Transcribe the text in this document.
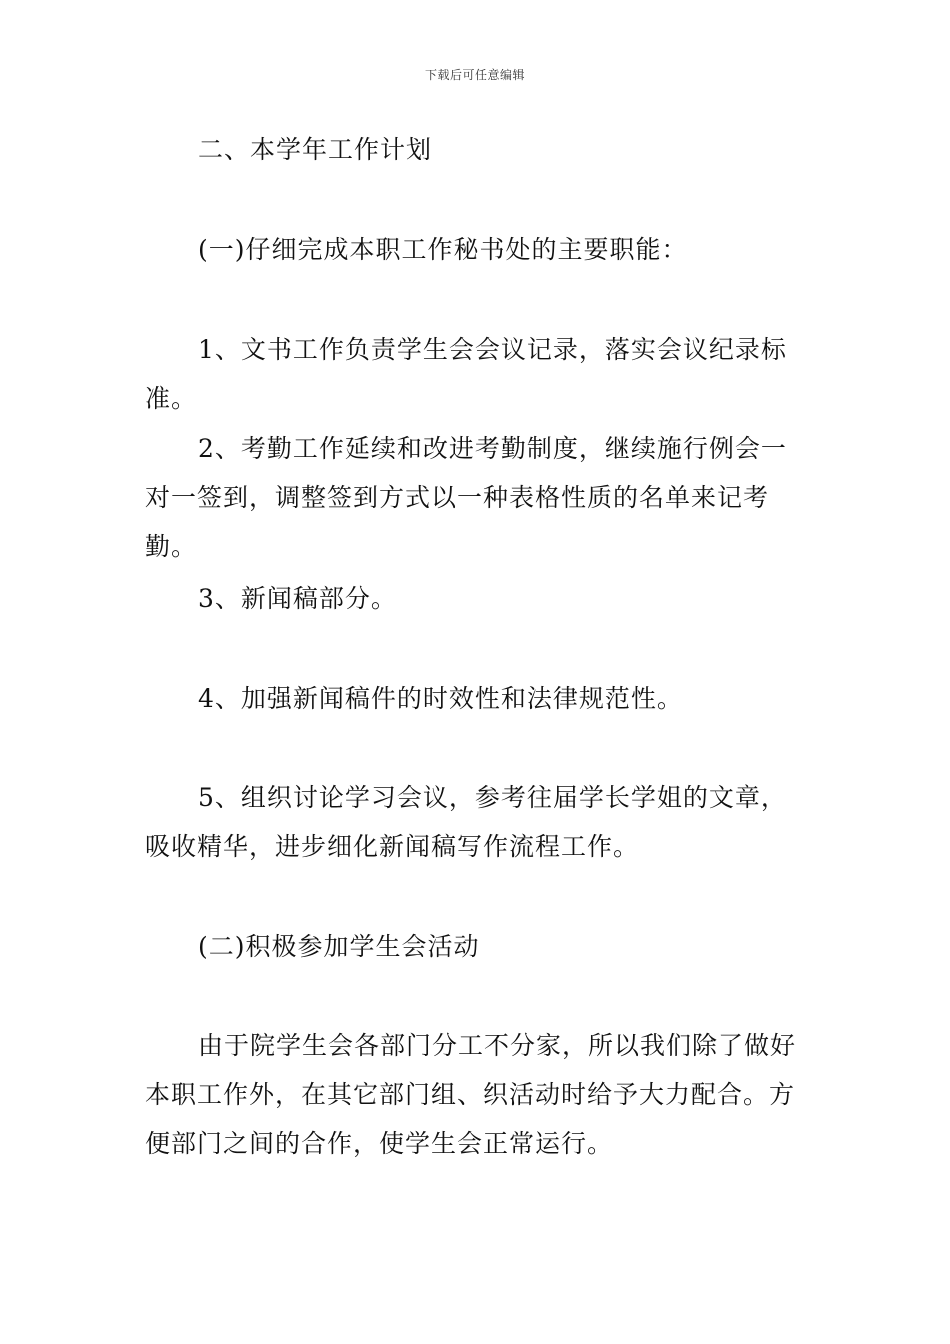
下载后可任意编辑

二、本学年工作计划

(一)仔细完成本职工作秘书处的主要职能：

1、文书工作负责学生会会议记录，落实会议纪录标准。

2、考勤工作延续和改进考勤制度，继续施行例会一对一签到，调整签到方式以一种表格性质的名单来记考勤。

3、新闻稿部分。

4、加强新闻稿件的时效性和法律规范性。

5、组织讨论学习会议，参考往届学长学姐的文章，吸收精华，进步细化新闻稿写作流程工作。

(二)积极参加学生会活动

由于院学生会各部门分工不分家，所以我们除了做好本职工作外，在其它部门组、织活动时给予大力配合。方便部门之间的合作，使学生会正常运行。
